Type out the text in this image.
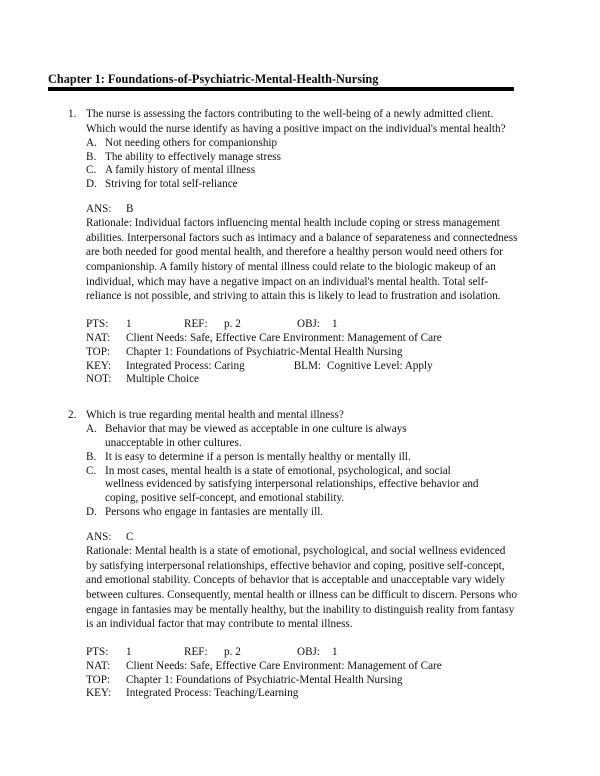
Chapter 1: Foundations-of-Psychiatric-Mental-Health-Nursing
1. The nurse is assessing the factors contributing to the well-being of a newly admitted client. Which would the nurse identify as having a positive impact on the individual's mental health?
A. Not needing others for companionship
B. The ability to effectively manage stress
C. A family history of mental illness
D. Striving for total self-reliance
ANS: B
Rationale: Individual factors influencing mental health include coping or stress management abilities. Interpersonal factors such as intimacy and a balance of separateness and connectedness are both needed for good mental health, and therefore a healthy person would need others for companionship. A family history of mental illness could relate to the biologic makeup of an individual, which may have a negative impact on an individual's mental health. Total self-reliance is not possible, and striving to attain this is likely to lead to frustration and isolation.
PTS:	1	REF:	p. 2	OBJ:	1
NAT:	Client Needs: Safe, Effective Care Environment: Management of Care
TOP:	Chapter 1: Foundations of Psychiatric-Mental Health Nursing
KEY:	Integrated Process: Caring	BLM: Cognitive Level: Apply
NOT:	Multiple Choice
2. Which is true regarding mental health and mental illness?
A. Behavior that may be viewed as acceptable in one culture is always unacceptable in other cultures.
B. It is easy to determine if a person is mentally healthy or mentally ill.
C. In most cases, mental health is a state of emotional, psychological, and social wellness evidenced by satisfying interpersonal relationships, effective behavior and coping, positive self-concept, and emotional stability.
D. Persons who engage in fantasies are mentally ill.
ANS: C
Rationale: Mental health is a state of emotional, psychological, and social wellness evidenced by satisfying interpersonal relationships, effective behavior and coping, positive self-concept, and emotional stability. Concepts of behavior that is acceptable and unacceptable vary widely between cultures. Consequently, mental health or illness can be difficult to discern. Persons who engage in fantasies may be mentally healthy, but the inability to distinguish reality from fantasy is an individual factor that may contribute to mental illness.
PTS:	1	REF:	p. 2	OBJ:	1
NAT:	Client Needs: Safe, Effective Care Environment: Management of Care
TOP:	Chapter 1: Foundations of Psychiatric-Mental Health Nursing
KEY:	Integrated Process: Teaching/Learning
